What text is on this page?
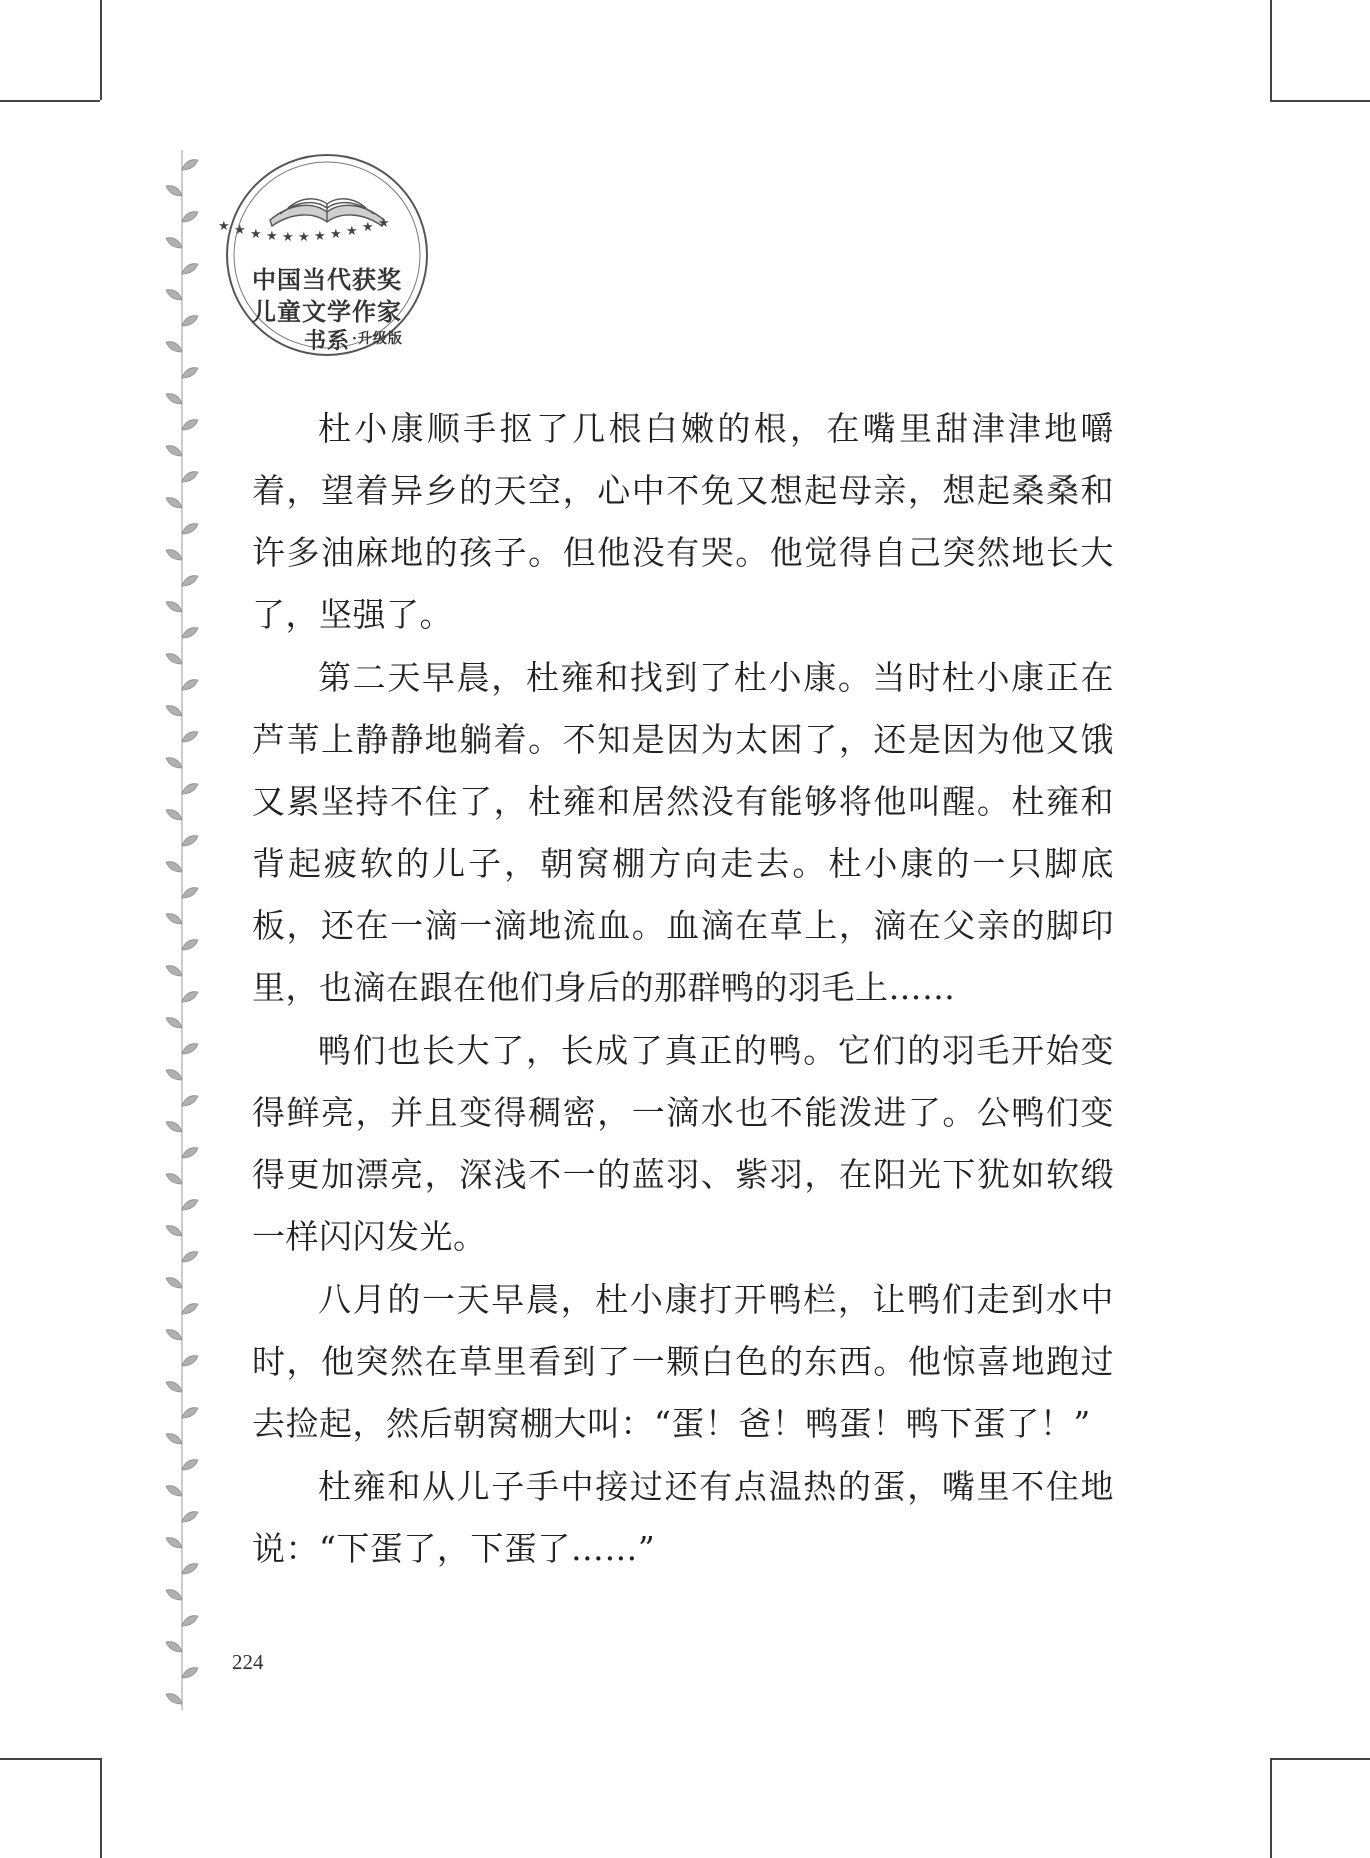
★ ★ ★ ★ ★ ★ ★ ★ ★ ★ ★
中国当代获奖
儿童文学作家
书系 ·升级版

杜小康顺手抠了几根白嫩的根，在嘴里甜津津地嚼着，望着异乡的天空，心中不免又想起母亲，想起桑桑和许多油麻地的孩子。但他没有哭。他觉得自己突然地长大了，坚强了。

第二天早晨，杜雍和找到了杜小康。当时杜小康正在芦苇上静静地躺着。不知是因为太困了，还是因为他又饿又累坚持不住了，杜雍和居然没有能够将他叫醒。杜雍和背起疲软的儿子，朝窝棚方向走去。杜小康的一只脚底板，还在一滴一滴地流血。血滴在草上，滴在父亲的脚印里，也滴在跟在他们身后的那群鸭的羽毛上……

鸭们也长大了，长成了真正的鸭。它们的羽毛开始变得鲜亮，并且变得稠密，一滴水也不能泼进了。公鸭们变得更加漂亮，深浅不一的蓝羽、紫羽，在阳光下犹如软缎一样闪闪发光。

八月的一天早晨，杜小康打开鸭栏，让鸭们走到水中时，他突然在草里看到了一颗白色的东西。他惊喜地跑过去捡起，然后朝窝棚大叫：“蛋！爸！鸭蛋！鸭下蛋了！”

杜雍和从儿子手中接过还有点温热的蛋，嘴里不住地说：“下蛋了，下蛋了……”

224
